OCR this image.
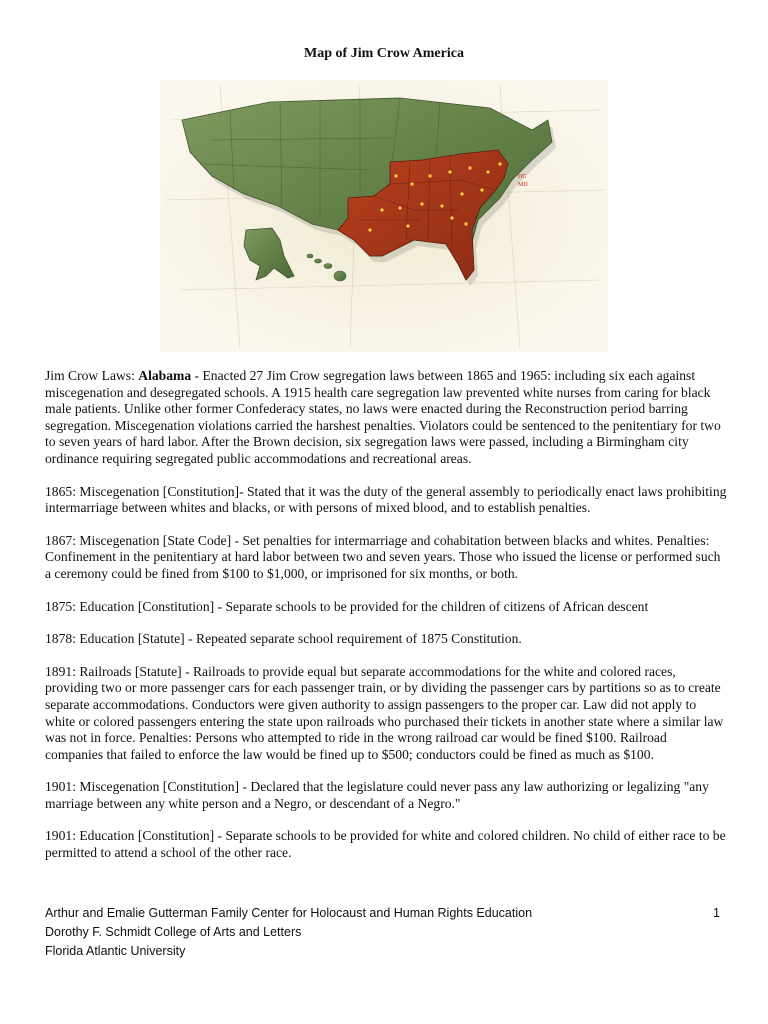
Map of Jim Crow America
DC
MD

Jim Crow Laws: Alabama - Enacted 27 Jim Crow segregation laws between 1865 and 1965: including six each against miscegenation and desegregated schools. A 1915 health care segregation law prevented white nurses from caring for black male patients. Unlike other former Confederacy states, no laws were enacted during the Reconstruction period barring segregation. Miscegenation violations carried the harshest penalties. Violators could be sentenced to the penitentiary for two to seven years of hard labor. After the Brown decision, six segregation laws were passed, including a Birmingham city ordinance requiring segregated public accommodations and recreational areas.

1865: Miscegenation [Constitution]- Stated that it was the duty of the general assembly to periodically enact laws prohibiting intermarriage between whites and blacks, or with persons of mixed blood, and to establish penalties.

1867: Miscegenation [State Code] - Set penalties for intermarriage and cohabitation between blacks and whites. Penalties: Confinement in the penitentiary at hard labor between two and seven years. Those who issued the license or performed such a ceremony could be fined from $100 to $1,000, or imprisoned for six months, or both.

1875: Education [Constitution] - Separate schools to be provided for the children of citizens of African descent

1878: Education [Statute] - Repeated separate school requirement of 1875 Constitution.

1891: Railroads [Statute] - Railroads to provide equal but separate accommodations for the white and colored races, providing two or more passenger cars for each passenger train, or by dividing the passenger cars by partitions so as to create separate accommodations. Conductors were given authority to assign passengers to the proper car. Law did not apply to white or colored passengers entering the state upon railroads who purchased their tickets in another state where a similar law was not in force. Penalties: Persons who attempted to ride in the wrong railroad car would be fined $100. Railroad companies that failed to enforce the law would be fined up to $500; conductors could be fined as much as $100.

1901: Miscegenation [Constitution] - Declared that the legislature could never pass any law authorizing or legalizing "any marriage between any white person and a Negro, or descendant of a Negro."

1901: Education [Constitution] - Separate schools to be provided for white and colored children. No child of either race to be permitted to attend a school of the other race.

Arthur and Emalie Gutterman Family Center for Holocaust and Human Rights Education
Dorothy F. Schmidt College of Arts and Letters
Florida Atlantic University
1
